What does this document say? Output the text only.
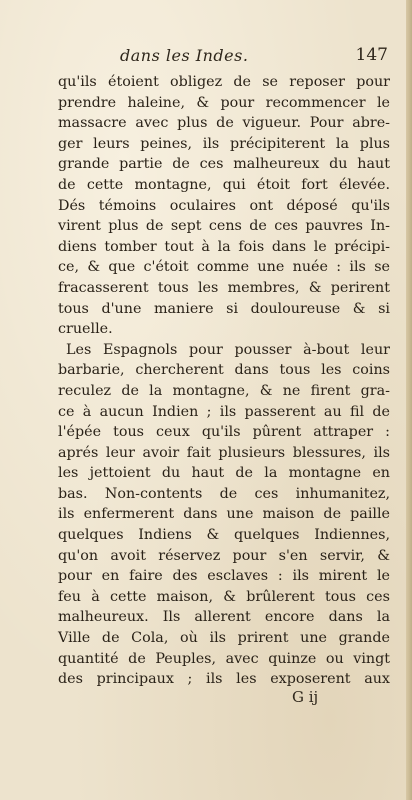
dans les Indes.	147
qu'ils étoient obligez de se reposer pour
prendre haleine, & pour recommencer le
massacre avec plus de vigueur. Pour abre-
ger leurs peines, ils précipiterent la plus
grande partie de ces malheureux du haut
de cette montagne, qui étoit fort élevée.
Dés témoins oculaires ont déposé qu'ils
virent plus de sept cens de ces pauvres In-
diens tomber tout à la fois dans le précipi-
ce, & que c'étoit comme une nuée : ils se
fracasserent tous les membres, & perirent
tous d'une maniere si douloureuse & si
cruelle.
Les Espagnols pour pousser à-bout leur
barbarie, chercherent dans tous les coins
reculez de la montagne, & ne firent gra-
ce à aucun Indien ; ils passerent au fil de
l'épée tous ceux qu'ils pûrent attraper :
aprés leur avoir fait plusieurs blessures, ils
les jettoient du haut de la montagne en
bas. Non-contents de ces inhumanitez,
ils enfermerent dans une maison de paille
quelques Indiens & quelques Indiennes,
qu'on avoit réservez pour s'en servir, &
pour en faire des esclaves : ils mirent le
feu à cette maison, & brûlerent tous ces
malheureux. Ils allerent encore dans la
Ville de Cola, où ils prirent une grande
quantité de Peuples, avec quinze ou vingt
des principaux ; ils les exposerent aux
G ij
